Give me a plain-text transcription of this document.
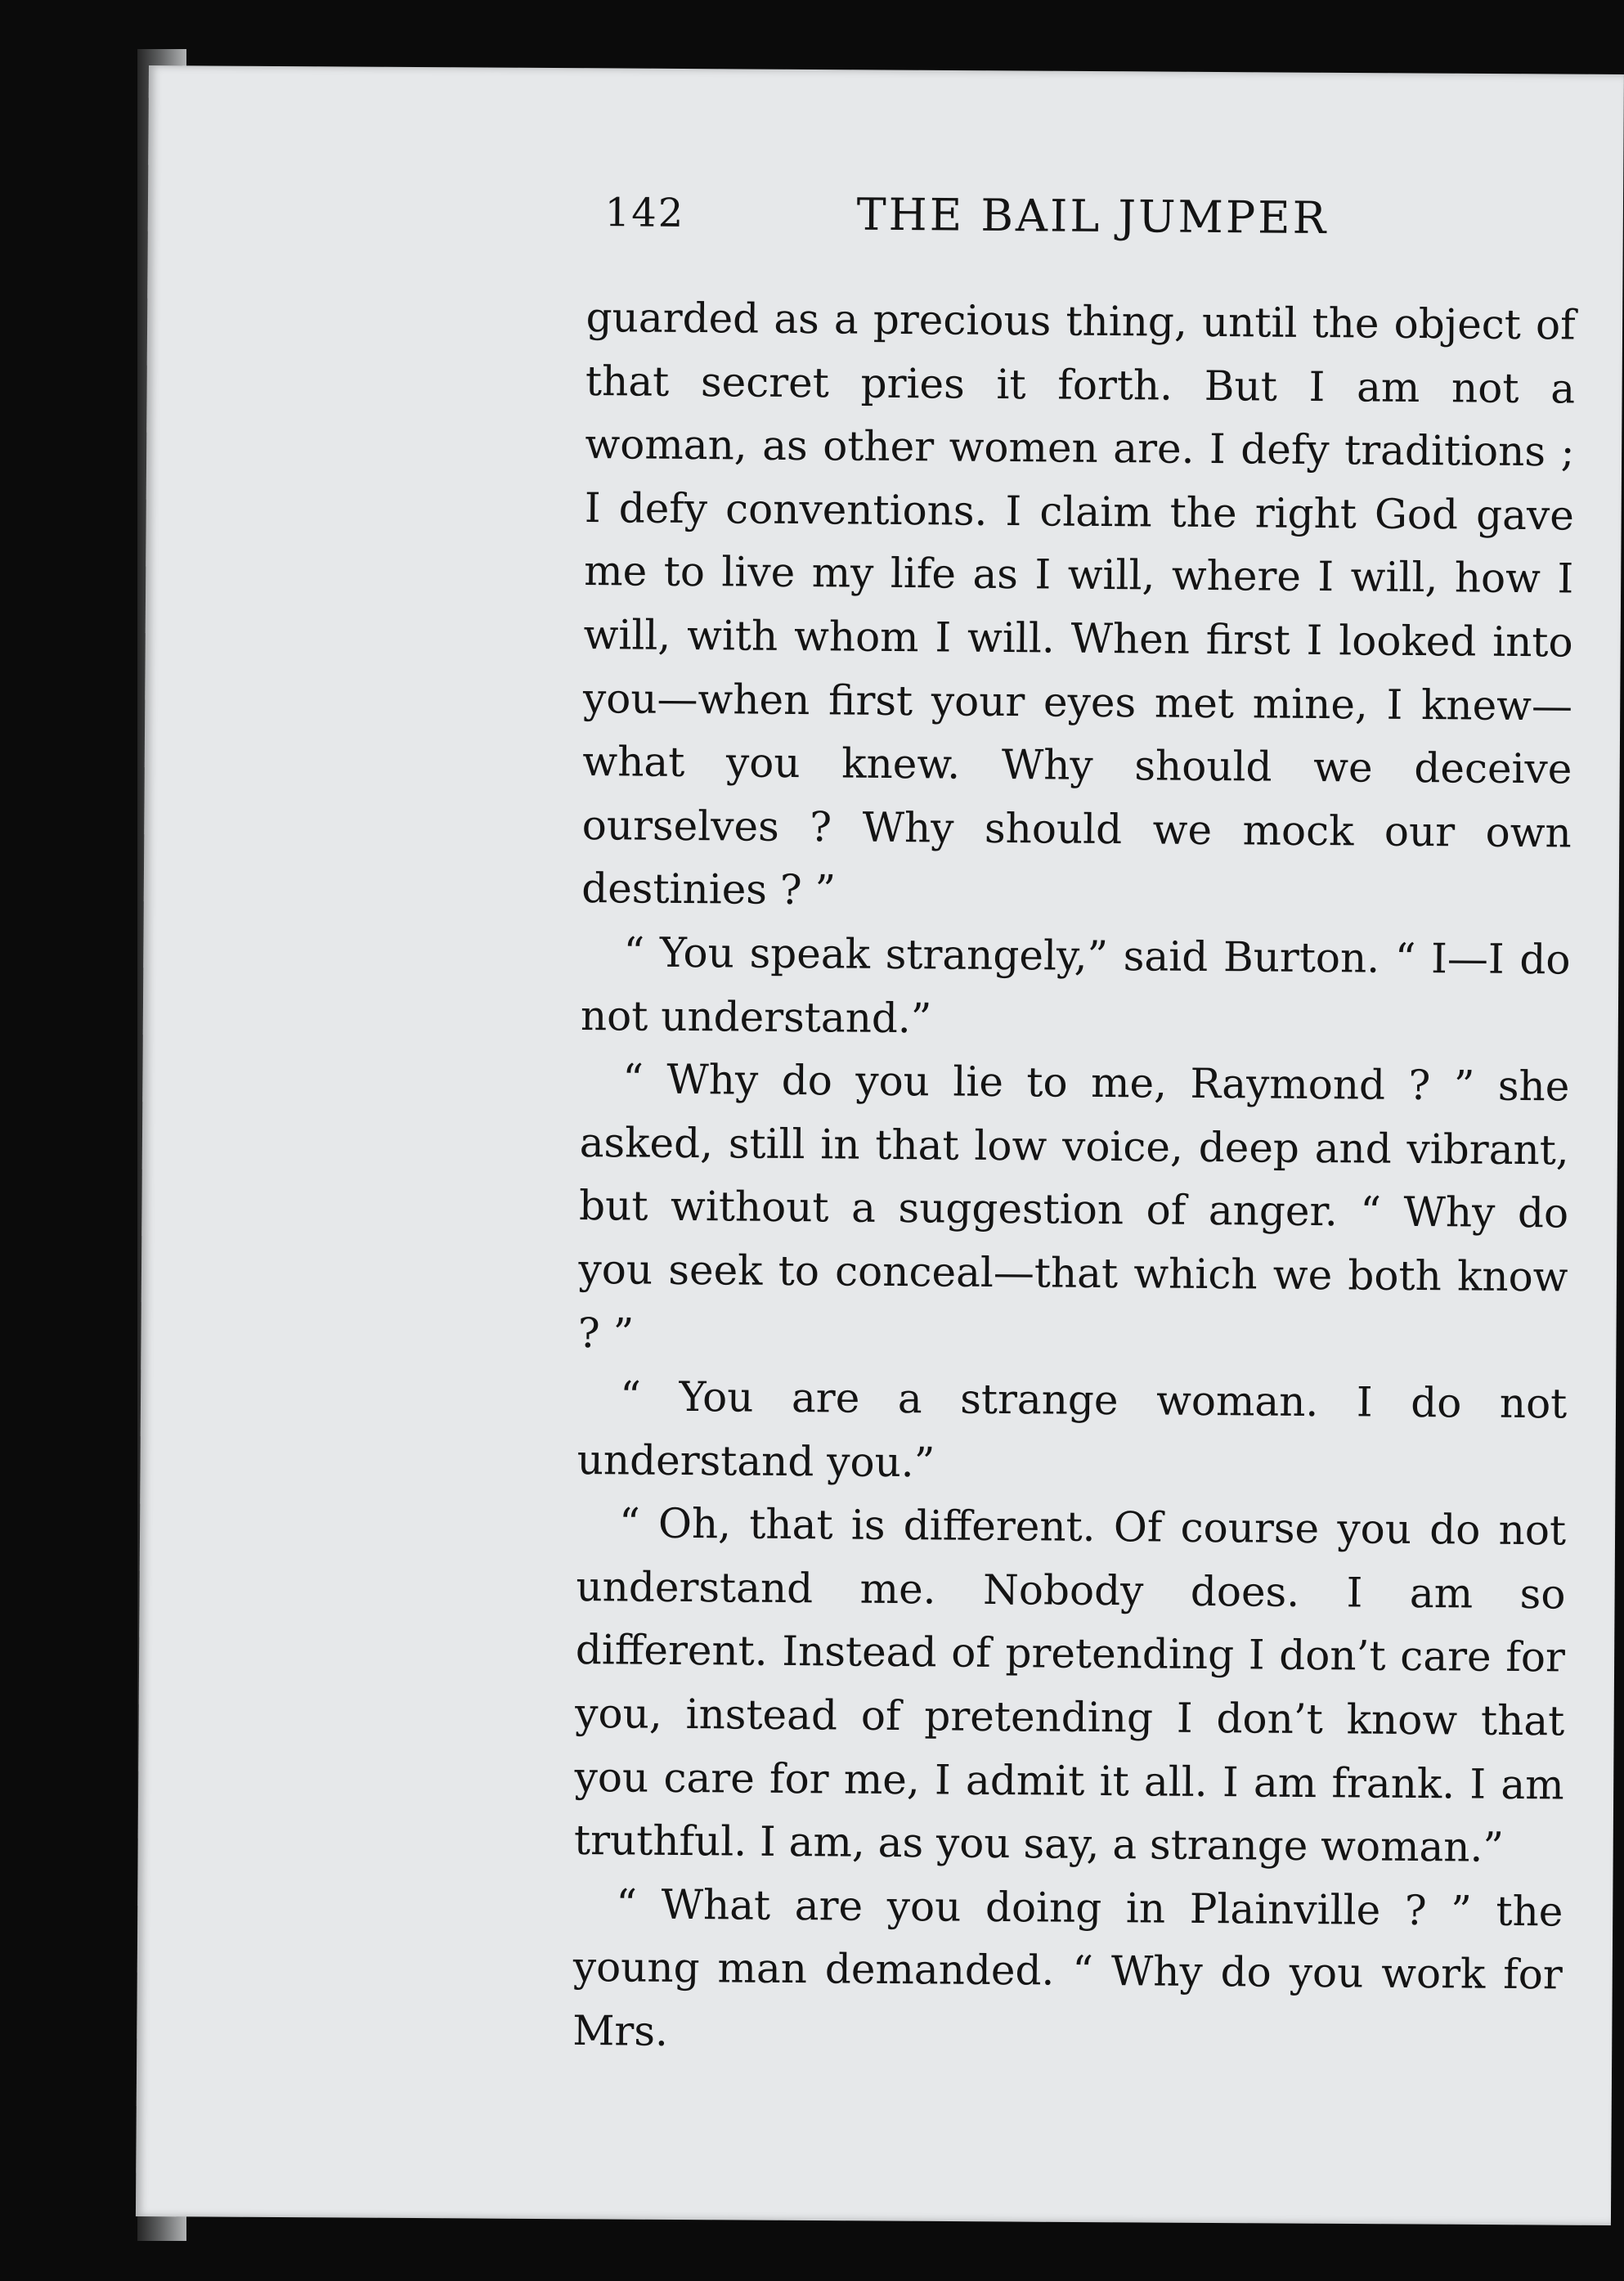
142	THE BAIL JUMPER

guarded as a precious thing, until the object of that secret pries it forth. But I am not a woman, as other women are. I defy traditions ; I defy conventions. I claim the right God gave me to live my life as I will, where I will, how I will, with whom I will. When first I looked into you—when first your eyes met mine, I knew—what you knew. Why should we deceive ourselves ? Why should we mock our own destinies ? ”

“ You speak strangely,” said Burton. “ I—I do not understand.”

“ Why do you lie to me, Raymond ? ” she asked, still in that low voice, deep and vibrant, but without a suggestion of anger. “ Why do you seek to conceal—that which we both know ? ”

“ You are a strange woman. I do not understand you.”

“ Oh, that is different. Of course you do not understand me. Nobody does. I am so different. Instead of pretending I don’t care for you, instead of pretending I don’t know that you care for me, I admit it all. I am frank. I am truthful. I am, as you say, a strange woman.”

“ What are you doing in Plainville ? ” the young man demanded. “ Why do you work for Mrs.
